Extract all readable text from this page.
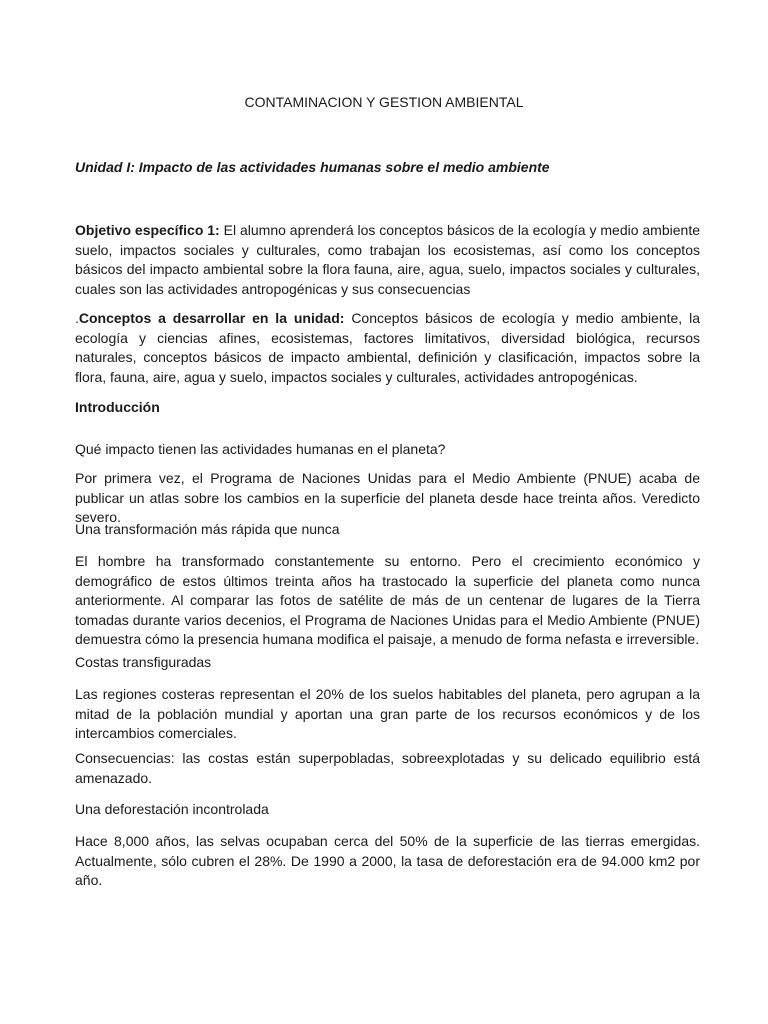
CONTAMINACION Y GESTION AMBIENTAL

Unidad I: Impacto de las actividades humanas sobre el medio ambiente

Objetivo específico 1: El alumno aprenderá los conceptos básicos de la ecología y medio ambiente suelo, impactos sociales y culturales, como trabajan los ecosistemas, así como los conceptos básicos del impacto ambiental sobre la flora fauna, aire, agua, suelo, impactos sociales y culturales, cuales son las actividades antropogénicas y sus consecuencias

.Conceptos a desarrollar en la unidad: Conceptos básicos de ecología y medio ambiente, la ecología y ciencias afines, ecosistemas, factores limitativos, diversidad biológica, recursos naturales, conceptos básicos de impacto ambiental, definición y clasificación, impactos sobre la flora, fauna, aire, agua y suelo, impactos sociales y culturales, actividades antropogénicas.

Introducción

Qué impacto tienen las actividades humanas en el planeta?

Por primera vez, el Programa de Naciones Unidas para el Medio Ambiente (PNUE) acaba de publicar un atlas sobre los cambios en la superficie del planeta desde hace treinta años. Veredicto severo.

Una transformación más rápida que nunca

El hombre ha transformado constantemente su entorno. Pero el crecimiento económico y demográfico de estos últimos treinta años ha trastocado la superficie del planeta como nunca anteriormente. Al comparar las fotos de satélite de más de un centenar de lugares de la Tierra tomadas durante varios decenios, el Programa de Naciones Unidas para el Medio Ambiente (PNUE) demuestra cómo la presencia humana modifica el paisaje, a menudo de forma nefasta e irreversible.

Costas transfiguradas

Las regiones costeras representan el 20% de los suelos habitables del planeta, pero agrupan a la mitad de la población mundial y aportan una gran parte de los recursos económicos y de los intercambios comerciales.

Consecuencias: las costas están superpobladas, sobreexplotadas y su delicado equilibrio está amenazado.

Una deforestación incontrolada

Hace 8,000 años, las selvas ocupaban cerca del 50% de la superficie de las tierras emergidas. Actualmente, sólo cubren el 28%. De 1990 a 2000, la tasa de deforestación era de 94.000 km2 por año.
